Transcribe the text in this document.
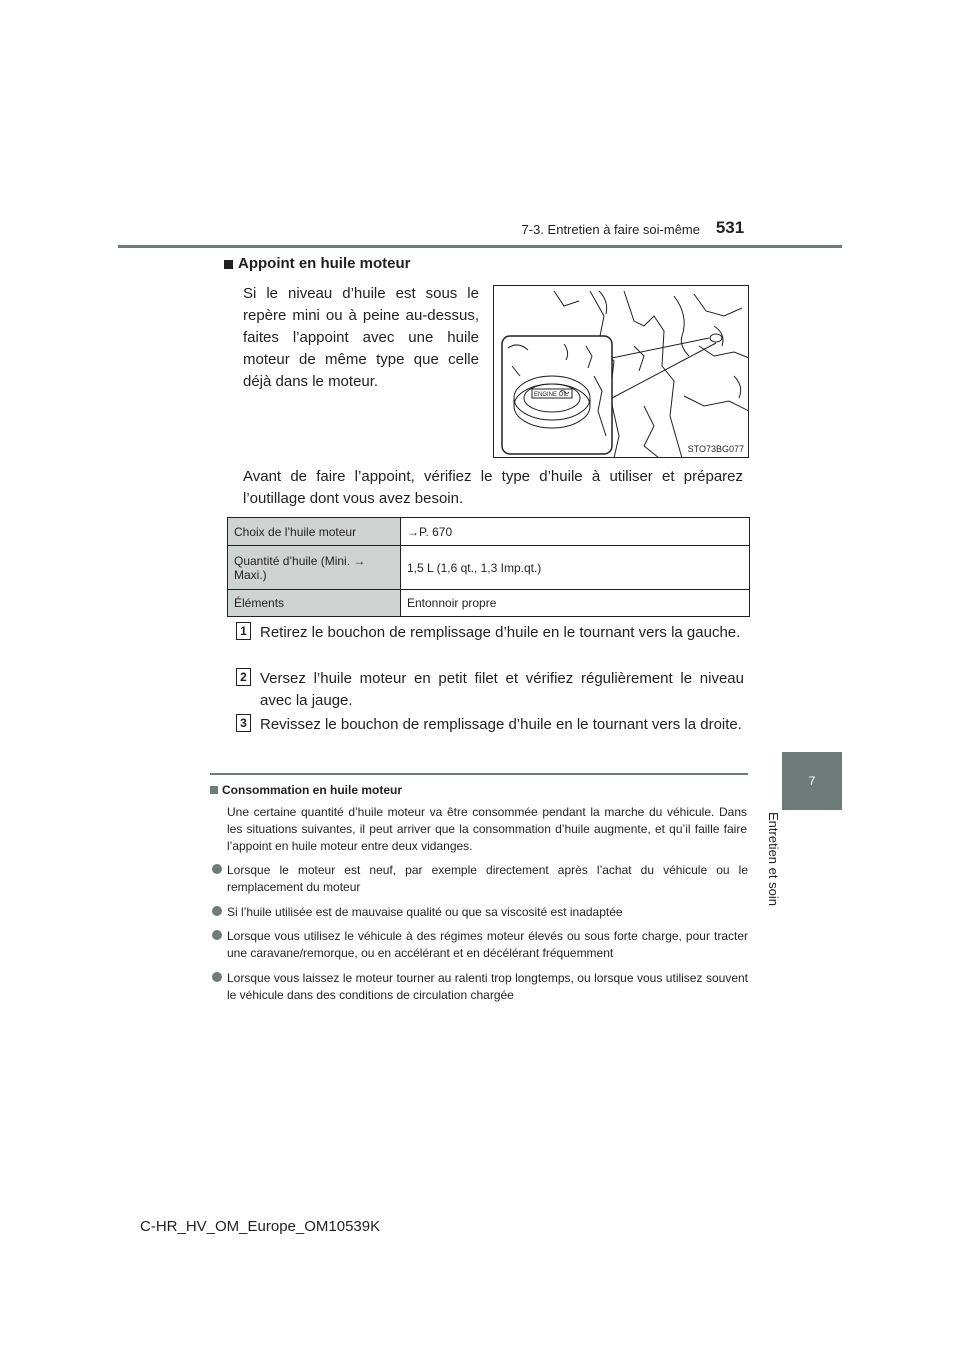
7-3. Entretien à faire soi-même 531
7
Entretien et soin
Appoint en huile moteur
Si le niveau d’huile est sous le repère mini ou à peine au-dessus, faites l’appoint avec une huile moteur de même type que celle déjà dans le moteur.
ENGINE OIL
STO73BG077
Avant de faire l’appoint, vérifiez le type d’huile à utiliser et préparez l’outillage dont vous avez besoin.
Choix de l’huile moteur	→P. 670
Quantité d’huile (Mini. → Maxi.)	1,5 L (1,6 qt., 1,3 Imp.qt.)
Éléments	Entonnoir propre
1 Retirez le bouchon de remplissage d’huile en le tournant vers la gauche.
2 Versez l’huile moteur en petit filet et vérifiez régulièrement le niveau avec la jauge.
3 Revissez le bouchon de remplissage d’huile en le tournant vers la droite.
Consommation en huile moteur
Une certaine quantité d’huile moteur va être consommée pendant la marche du véhicule. Dans les situations suivantes, il peut arriver que la consommation d’huile augmente, et qu’il faille faire l’appoint en huile moteur entre deux vidanges.
Lorsque le moteur est neuf, par exemple directement après l’achat du véhicule ou le remplacement du moteur
Si l’huile utilisée est de mauvaise qualité ou que sa viscosité est inadaptée
Lorsque vous utilisez le véhicule à des régimes moteur élevés ou sous forte charge, pour tracter une caravane/remorque, ou en accélérant et en décélérant fréquemment
Lorsque vous laissez le moteur tourner au ralenti trop longtemps, ou lorsque vous utilisez souvent le véhicule dans des conditions de circulation chargée
C-HR_HV_OM_Europe_OM10539K
